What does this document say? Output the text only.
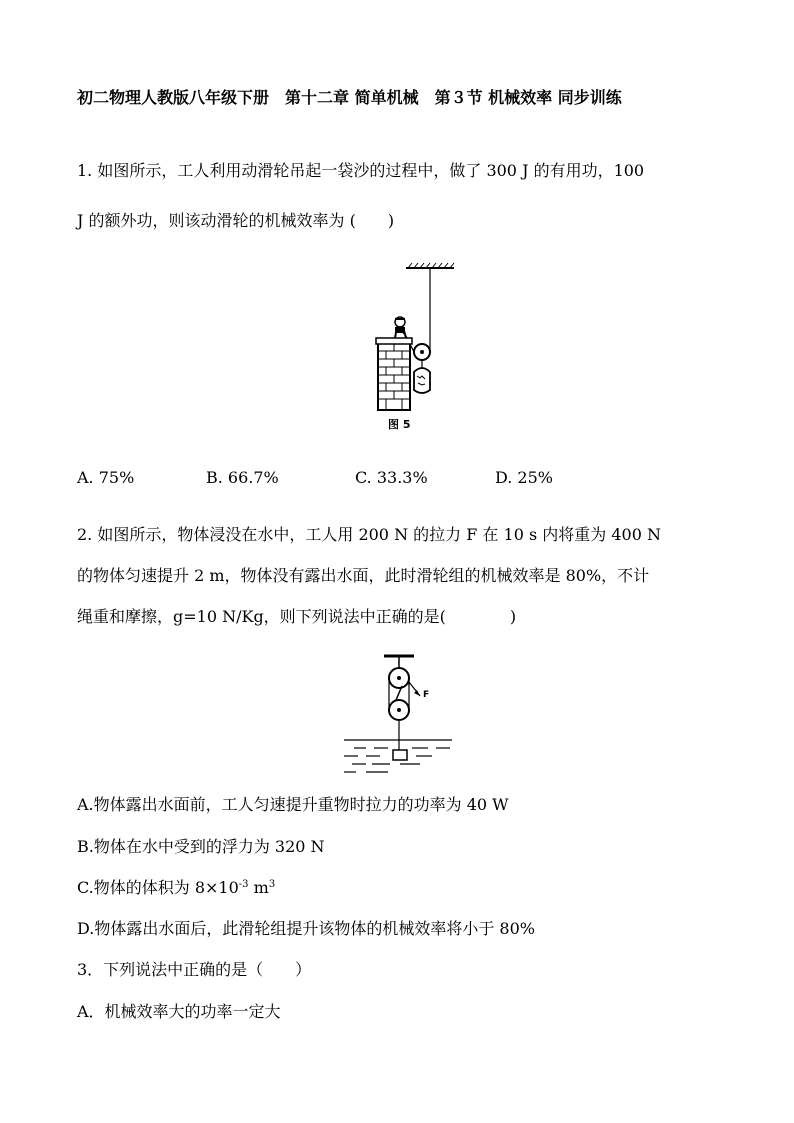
初二物理人教版八年级下册　第十二章 简单机械　第３节 机械效率 同步训练
1. 如图所示，工人利用动滑轮吊起一袋沙的过程中，做了 300 J 的有用功，100
J 的额外功，则该动滑轮的机械效率为 (　　)
图 5
A. 75%	B. 66.7%	C. 33.3%	D. 25%
2. 如图所示，物体浸没在水中，工人用 200 N 的拉力 F 在 10 s 内将重为 400 N
的物体匀速提升 2 m，物体没有露出水面，此时滑轮组的机械效率是 80%，不计
绳重和摩擦，g=10 N/Kg，则下列说法中正确的是(　　　　)
F
A.物体露出水面前，工人匀速提升重物时拉力的功率为 40 W
B.物体在水中受到的浮力为 320 N
C.物体的体积为 $8\times 10^{-3}$ $m^3$
D.物体露出水面后，此滑轮组提升该物体的机械效率将小于 80%
3．下列说法中正确的是（　　）
A．机械效率大的功率一定大
